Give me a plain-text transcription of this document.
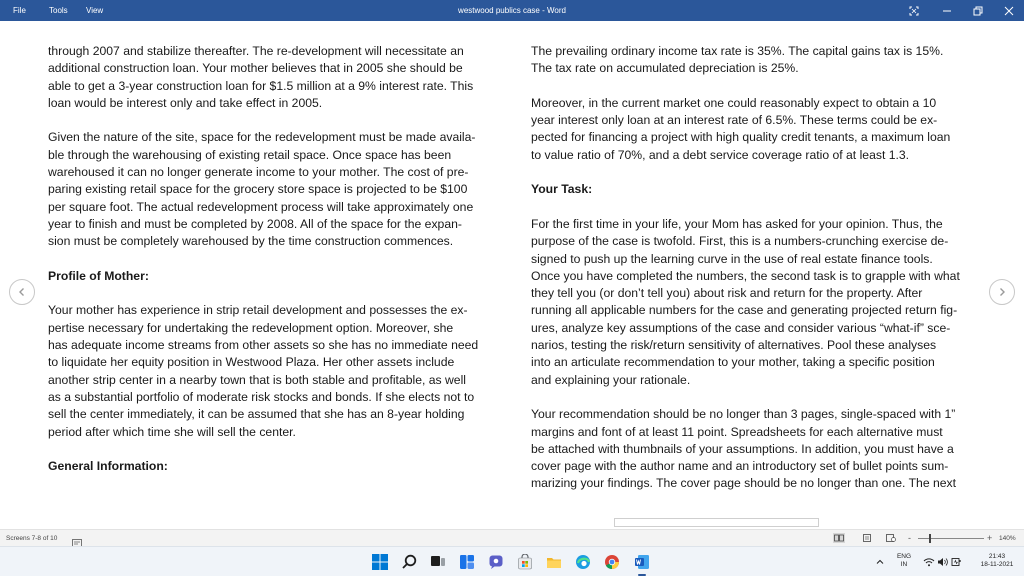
File	Tools View	westwood publics case - Word
through 2007 and stabilize thereafter. The re-development will necessitate an
additional construction loan. Your mother believes that in 2005 she should be
able to get a 3-year construction loan for $1.5 million at a 9% interest rate. This
loan would be interest only and take effect in 2005.
Given the nature of the site, space for the redevelopment must be made availa-
ble through the warehousing of existing retail space. Once space has been
warehoused it can no longer generate income to your mother. The cost of pre-
paring existing retail space for the grocery store space is projected to be $100
per square foot. The actual redevelopment process will take approximately one
year to finish and must be completed by 2008. All of the space for the expan-
sion must be completely warehoused by the time construction commences.
Profile of Mother:
Your mother has experience in strip retail development and possesses the ex-
pertise necessary for undertaking the redevelopment option. Moreover, she
has adequate income streams from other assets so she has no immediate need
to liquidate her equity position in Westwood Plaza. Her other assets include
another strip center in a nearby town that is both stable and profitable, as well
as a substantial portfolio of moderate risk stocks and bonds. If she elects not to
sell the center immediately, it can be assumed that she has an 8-year holding
period after which time she will sell the center.
General Information:
The prevailing ordinary income tax rate is 35%. The capital gains tax is 15%.
The tax rate on accumulated depreciation is 25%.
Moreover, in the current market one could reasonably expect to obtain a 10
year interest only loan at an interest rate of 6.5%. These terms could be ex-
pected for financing a project with high quality credit tenants, a maximum loan
to value ratio of 70%, and a debt service coverage ratio of at least 1.3.
Your Task:
For the first time in your life, your Mom has asked for your opinion. Thus, the
purpose of the case is twofold. First, this is a numbers-crunching exercise de-
signed to push up the learning curve in the use of real estate finance tools.
Once you have completed the numbers, the second task is to grapple with what
they tell you (or don’t tell you) about risk and return for the property. After
running all applicable numbers for the case and generating projected return fig-
ures, analyze key assumptions of the case and consider various “what-if” sce-
narios, testing the risk/return sensitivity of alternatives. Pool these analyses
into an articulate recommendation to your mother, taking a specific position
and explaining your rationale.
Your recommendation should be no longer than 3 pages, single-spaced with 1”
margins and font of at least 11 point. Spreadsheets for each alternative must
be attached with thumbnails of your assumptions. In addition, you must have a
cover page with the author name and an introductory set of bullet points sum-
marizing your findings. The cover page should be no longer than one. The next
Screens 7-8 of 10	-	+ 140%
ENG
IN
21:43
18-11-2021
